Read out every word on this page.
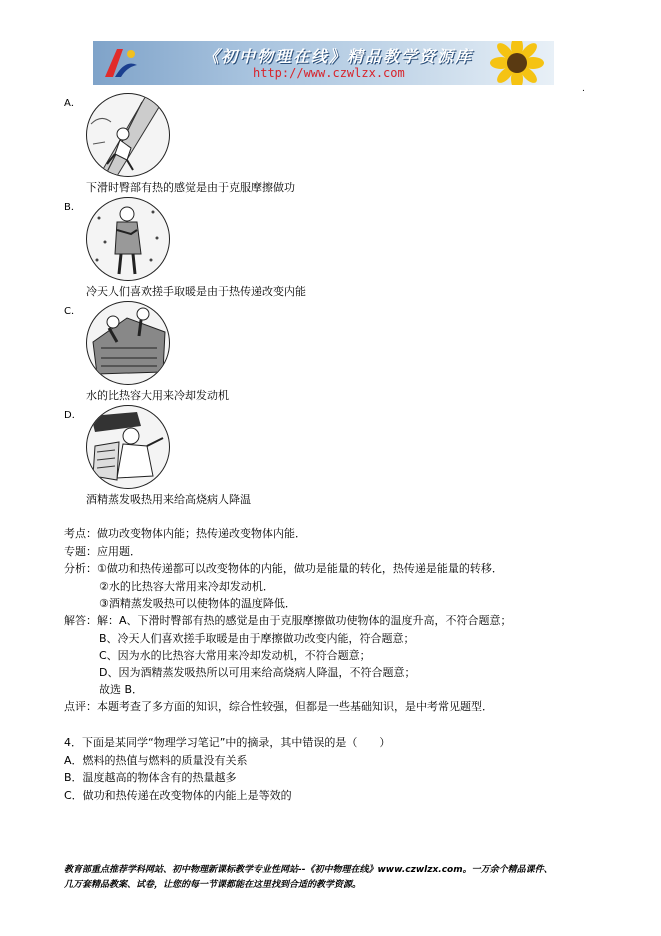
《初中物理在线》精品教学资源库
http://www.czwlzx.com
.
A．
下滑时臀部有热的感觉是由于克服摩擦做功
B．
冷天人们喜欢搓手取暖是由于热传递改变内能
C．
水的比热容大用来冷却发动机
D．
酒精蒸发吸热用来给高烧病人降温
考点：做功改变物体内能；热传递改变物体内能．
专题：应用题．
分析：①做功和热传递都可以改变物体的内能，做功是能量的转化，热传递是能量的转移．
②水的比热容大常用来冷却发动机．
③酒精蒸发吸热可以使物体的温度降低．
解答：解：A、下滑时臀部有热的感觉是由于克服摩擦做功使物体的温度升高，不符合题意；
B、冷天人们喜欢搓手取暖是由于摩擦做功改变内能，符合题意；
C、因为水的比热容大常用来冷却发动机，不符合题意；
D、因为酒精蒸发吸热所以可用来给高烧病人降温，不符合题意；
故选 B．
点评：本题考查了多方面的知识，综合性较强，但都是一些基础知识，是中考常见题型．
4．下面是某同学“物理学习笔记”中的摘录，其中错误的是（　　）
A．燃料的热值与燃料的质量没有关系
B．温度越高的物体含有的热量越多
C．做功和热传递在改变物体的内能上是等效的
教育部重点推荐学科网站、初中物理新课标教学专业性网站--《初中物理在线》www.czwlzx.com。一万余个精品课件、
几万套精品教案、试卷，让您的每一节课都能在这里找到合适的教学资源。
